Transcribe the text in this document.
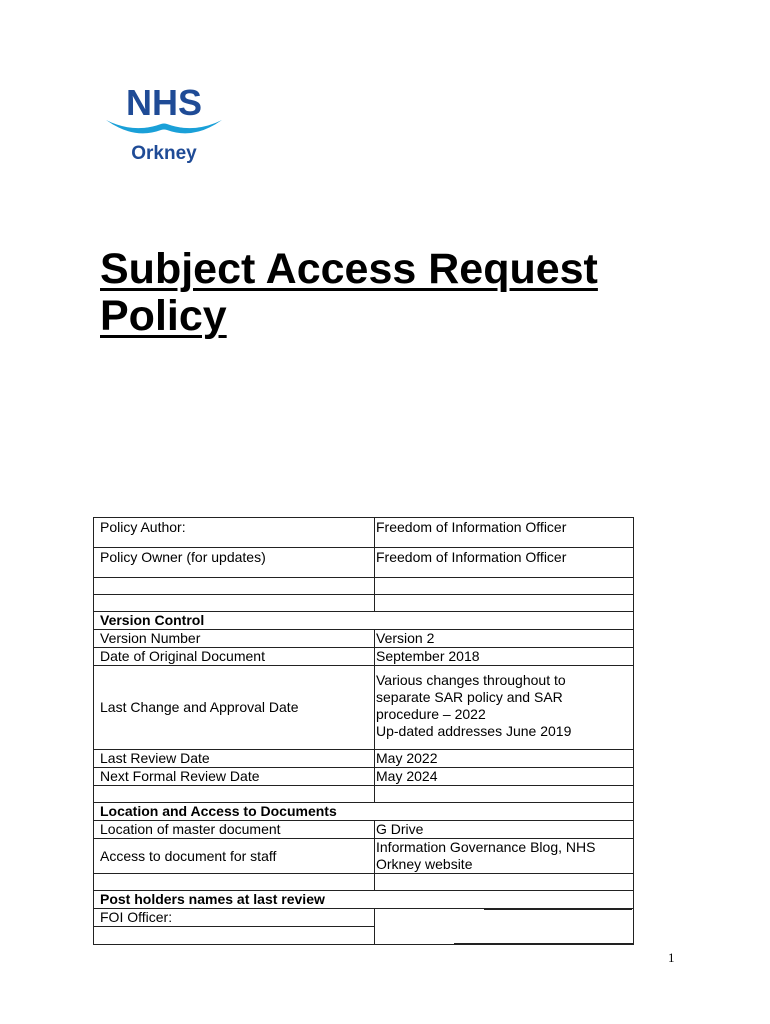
NHS
Orkney
Subject Access Request
Policy
Policy Author:	Freedom of Information Officer
Policy Owner (for updates)	Freedom of Information Officer

Version Control	
Version Number	Version 2
Date of Original Document	September 2018
Last Change and Approval Date	Various changes throughout to
separate SAR policy and SAR
procedure – 2022
Up-dated addresses June 2019

Last Review Date	May 2022
Next Formal Review Date	May 2024

Location and Access to Documents	
Location of master document	G Drive
Access to document for staff	Information Governance Blog, NHS
Orkney website

Post holders names at last review	
FOI Officer:	

1
